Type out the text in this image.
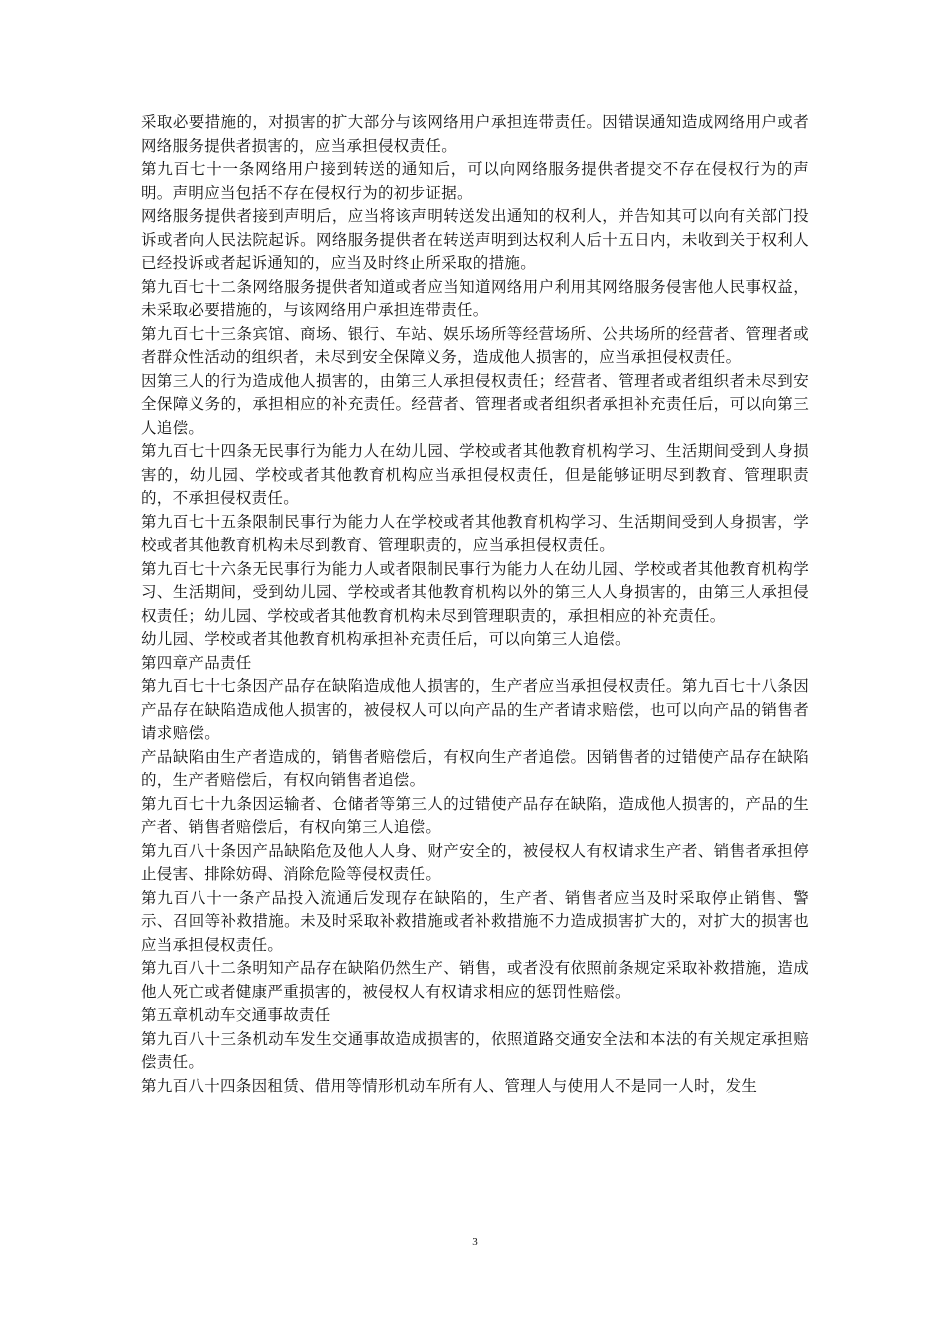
采取必要措施的，对损害的扩大部分与该网络用户承担连带责任。因错误通知造成网络用户或者网络服务提供者损害的，应当承担侵权责任。

第九百七十一条网络用户接到转送的通知后，可以向网络服务提供者提交不存在侵权行为的声明。声明应当包括不存在侵权行为的初步证据。

网络服务提供者接到声明后，应当将该声明转送发出通知的权利人，并告知其可以向有关部门投诉或者向人民法院起诉。网络服务提供者在转送声明到达权利人后十五日内，未收到关于权利人已经投诉或者起诉通知的，应当及时终止所采取的措施。

第九百七十二条网络服务提供者知道或者应当知道网络用户利用其网络服务侵害他人民事权益，未采取必要措施的，与该网络用户承担连带责任。

第九百七十三条宾馆、商场、银行、车站、娱乐场所等经营场所、公共场所的经营者、管理者或者群众性活动的组织者，未尽到安全保障义务，造成他人损害的，应当承担侵权责任。

因第三人的行为造成他人损害的，由第三人承担侵权责任；经营者、管理者或者组织者未尽到安全保障义务的，承担相应的补充责任。经营者、管理者或者组织者承担补充责任后，可以向第三人追偿。

第九百七十四条无民事行为能力人在幼儿园、学校或者其他教育机构学习、生活期间受到人身损害的，幼儿园、学校或者其他教育机构应当承担侵权责任，但是能够证明尽到教育、管理职责的，不承担侵权责任。

第九百七十五条限制民事行为能力人在学校或者其他教育机构学习、生活期间受到人身损害，学校或者其他教育机构未尽到教育、管理职责的，应当承担侵权责任。

第九百七十六条无民事行为能力人或者限制民事行为能力人在幼儿园、学校或者其他教育机构学习、生活期间，受到幼儿园、学校或者其他教育机构以外的第三人人身损害的，由第三人承担侵权责任；幼儿园、学校或者其他教育机构未尽到管理职责的，承担相应的补充责任。

幼儿园、学校或者其他教育机构承担补充责任后，可以向第三人追偿。

第四章产品责任

第九百七十七条因产品存在缺陷造成他人损害的，生产者应当承担侵权责任。第九百七十八条因产品存在缺陷造成他人损害的，被侵权人可以向产品的生产者请求赔偿，也可以向产品的销售者请求赔偿。

产品缺陷由生产者造成的，销售者赔偿后，有权向生产者追偿。因销售者的过错使产品存在缺陷的，生产者赔偿后，有权向销售者追偿。

第九百七十九条因运输者、仓储者等第三人的过错使产品存在缺陷，造成他人损害的，产品的生产者、销售者赔偿后，有权向第三人追偿。

第九百八十条因产品缺陷危及他人人身、财产安全的，被侵权人有权请求生产者、销售者承担停止侵害、排除妨碍、消除危险等侵权责任。

第九百八十一条产品投入流通后发现存在缺陷的，生产者、销售者应当及时采取停止销售、警示、召回等补救措施。未及时采取补救措施或者补救措施不力造成损害扩大的，对扩大的损害也应当承担侵权责任。

第九百八十二条明知产品存在缺陷仍然生产、销售，或者没有依照前条规定采取补救措施，造成他人死亡或者健康严重损害的，被侵权人有权请求相应的惩罚性赔偿。

第五章机动车交通事故责任

第九百八十三条机动车发生交通事故造成损害的，依照道路交通安全法和本法的有关规定承担赔偿责任。

第九百八十四条因租赁、借用等情形机动车所有人、管理人与使用人不是同一人时，发生

3
